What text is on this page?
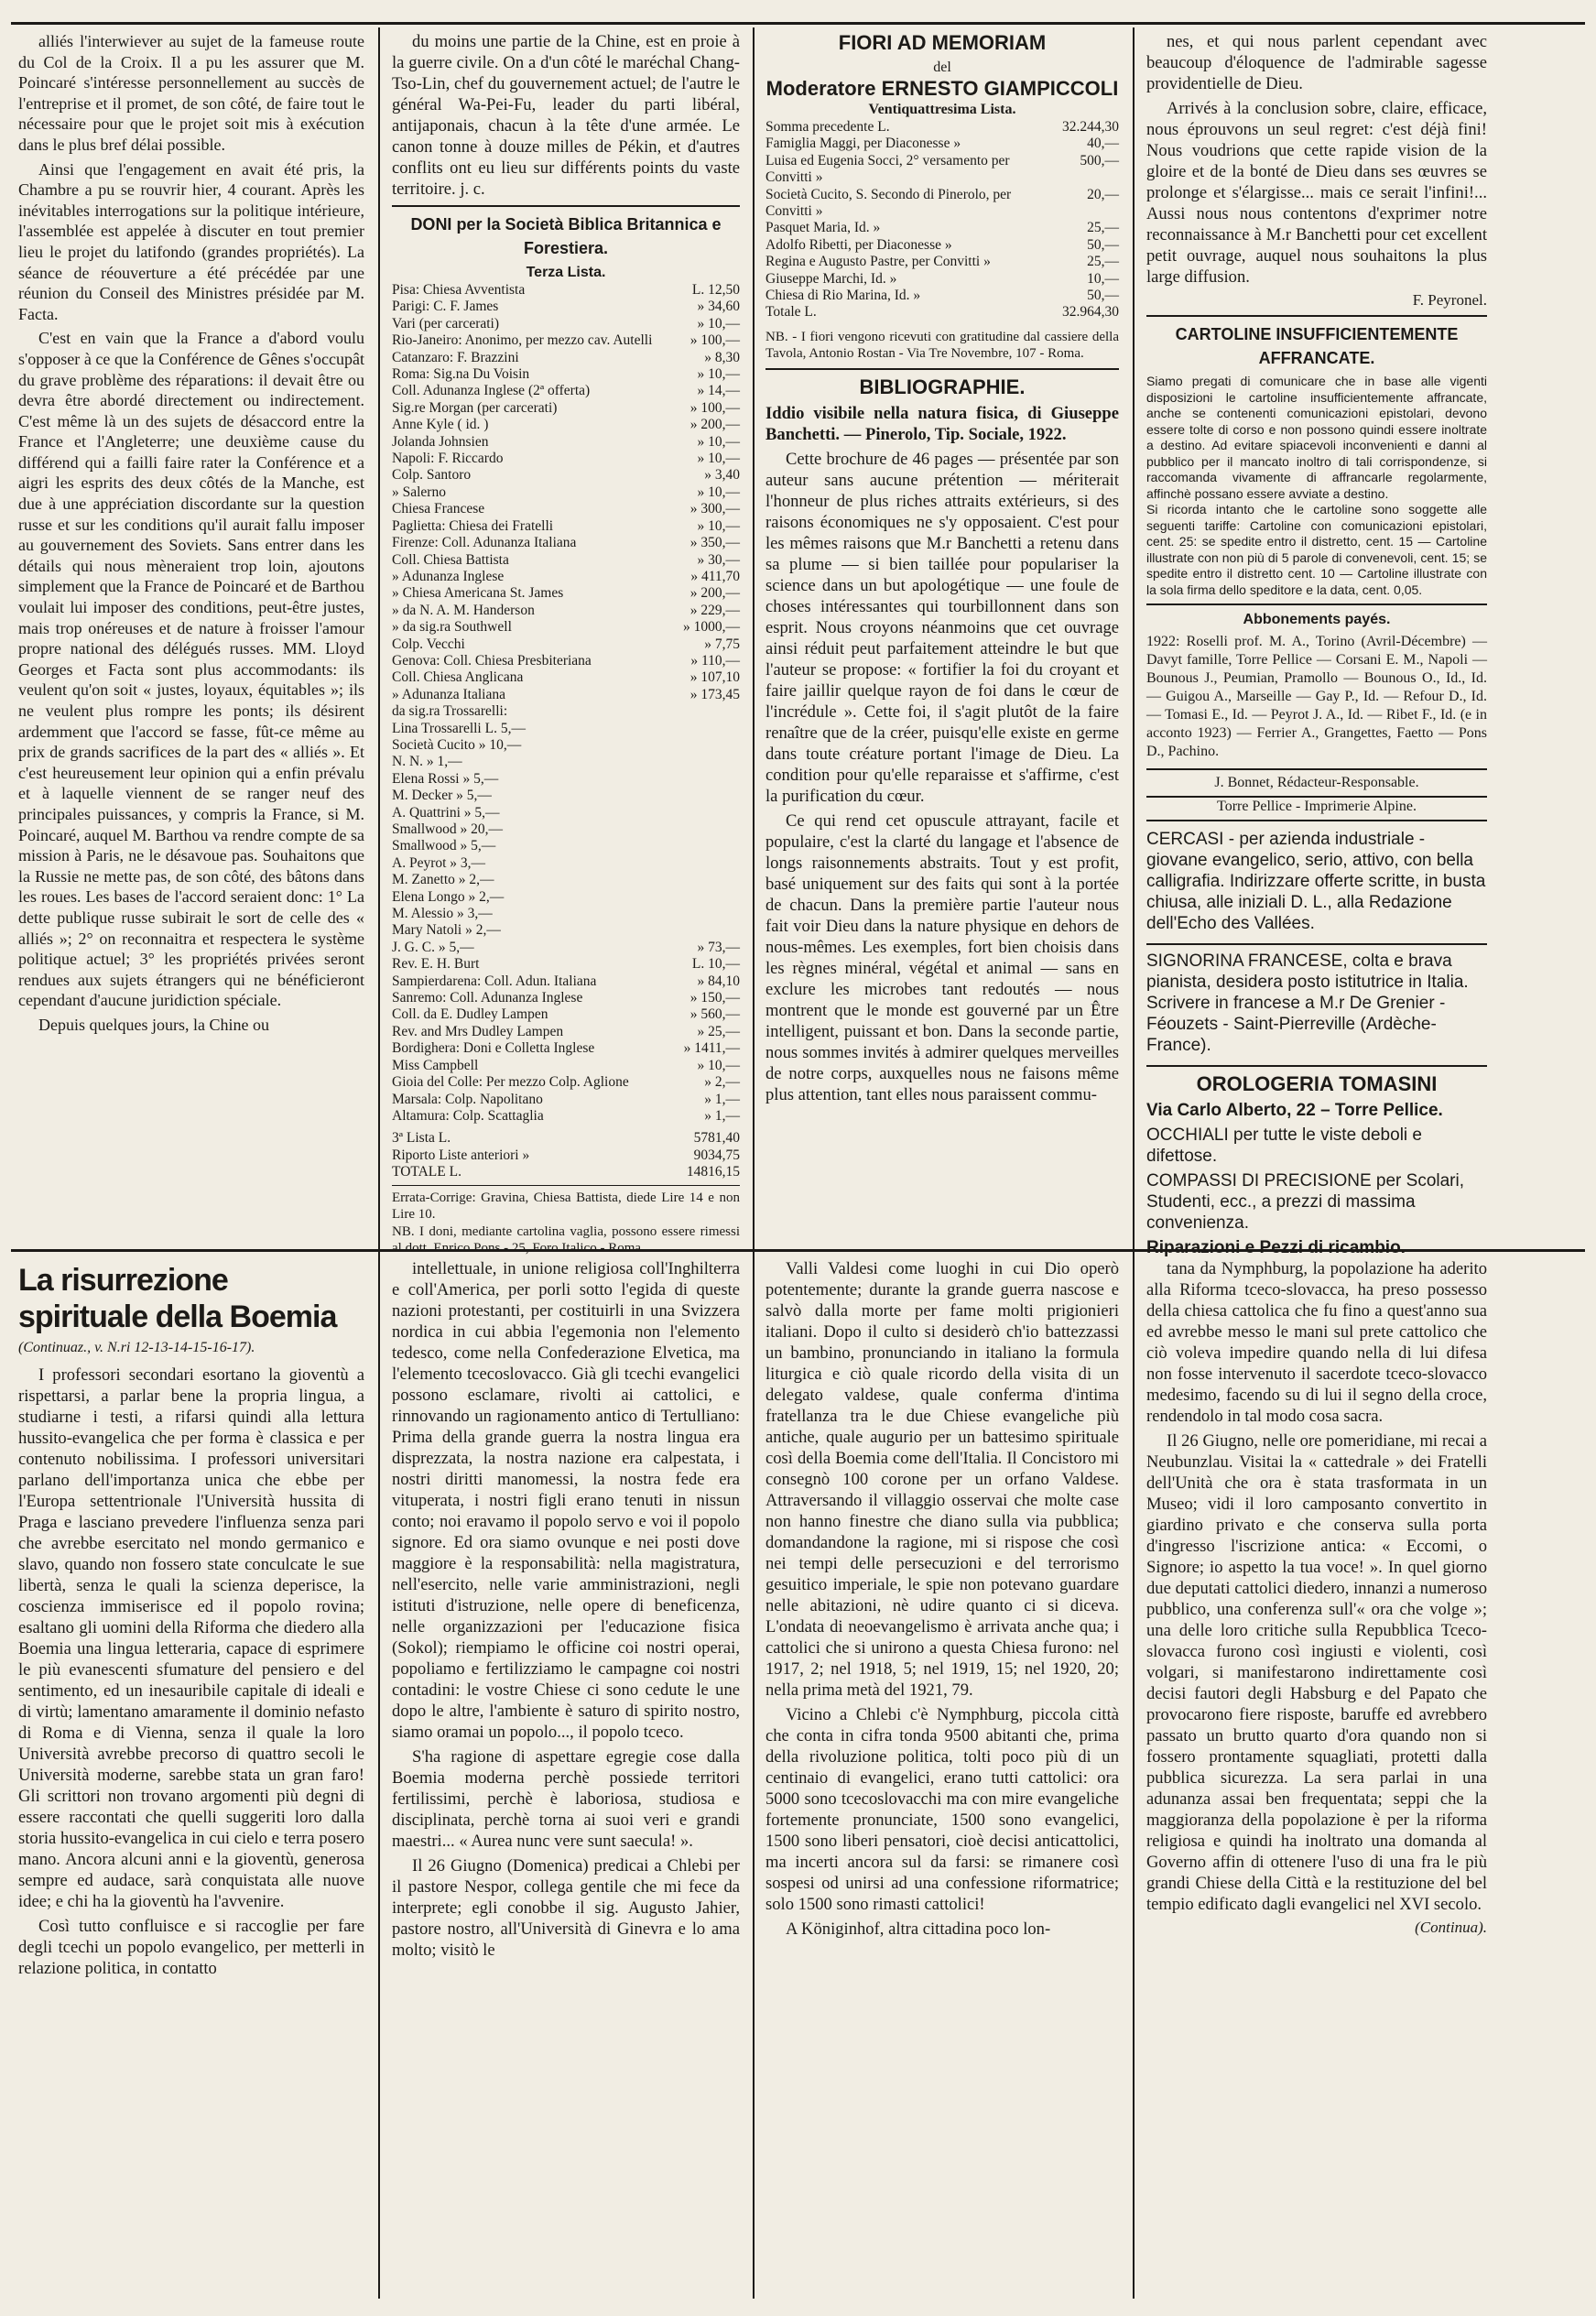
alliés l'interwiever au sujet de la fameuse route du Col de la Croix. Il a pu les assurer que M. Poincaré s'intéresse personnellement au succès de l'entreprise et il promet, de son côté, de faire tout le nécessaire pour que le projet soit mis à exécution dans le plus bref délai possible.

Ainsi que l'engagement en avait été pris, la Chambre a pu se rouvrir hier, 4 courant. Après les inévitables interrogations sur la politique intérieure, l'assemblée est appelée à discuter en tout premier lieu le projet du latifondo (grandes propriétés). La séance de réouverture a été précédée par une réunion du Conseil des Ministres présidée par M. Facta.

C'est en vain que la France a d'abord voulu s'opposer à ce que la Conférence de Gênes s'occupât du grave problème des réparations: il devait être ou devra être abordé directement ou indirectement. C'est même là un des sujets de désaccord entre la France et l'Angleterre; une deuxième cause du différend qui a failli faire rater la Conférence et a aigri les esprits des deux côtés de la Manche, est due à une appréciation discordante sur la question russe et sur les conditions qu'il aurait fallu imposer au gouvernement des Soviets. Sans entrer dans les détails qui nous mèneraient trop loin, ajoutons simplement que la France de Poincaré et de Barthou voulait lui imposer des conditions, peut-être justes, mais trop onéreuses et de nature à froisser l'amour propre national des délégués russes. MM. Lloyd Georges et Facta sont plus accommodants: ils veulent qu'on soit « justes, loyaux, équitables »; ils ne veulent plus rompre les ponts; ils désirent ardemment que l'accord se fasse, fût-ce même au prix de grands sacrifices de la part des « alliés ». Et c'est heureusement leur opinion qui a enfin prévalu et à laquelle viennent de se ranger neuf des principales puissances, y compris la France, si M. Poincaré, auquel M. Barthou va rendre compte de sa mission à Paris, ne le désavoue pas. Souhaitons que la Russie ne mette pas, de son côté, des bâtons dans les roues. Les bases de l'accord seraient donc: 1° La dette publique russe subirait le sort de celle des « alliés »; 2° on reconnaitra et respectera le système politique actuel; 3° les propriétés privées seront rendues aux sujets étrangers qui ne bénéficieront cependant d'aucune juridiction spéciale.

Depuis quelques jours, la Chine ou

du moins une partie de la Chine, est en proie à la guerre civile. On a d'un côté le maréchal Chang-Tso-Lin, chef du gouvernement actuel; de l'autre le général Wa-Pei-Fu, leader du parti libéral, antijaponais, chacun à la tête d'une armée. Le canon tonne à douze milles de Pékin, et d'autres conflits ont eu lieu sur différents points du vaste territoire. j. c.

DONI per la Società Biblica Britannica e Forestiera.
Terza Lista.
Pisa: Chiesa Avventista	L. 12,50
Parigi: C. F. James	» 34,60
Vari (per carcerati)	» 10,—
Rio-Janeiro: Anonimo, per mezzo cav. Autelli	» 100,—
Catanzaro: F. Brazzini	» 8,30
Roma: Sig.na Du Voisin	» 10,—
Coll. Adunanza Inglese (2ª offerta)	» 14,—
Sig.re Morgan (per carcerati)	» 100,—
Anne Kyle ( id. )	» 200,—
Jolanda Johnsien	» 10,—
Napoli: F. Riccardo	» 10,—
Colp. Santoro	» 3,40
» Salerno	» 10,—
Chiesa Francese	» 300,—
Paglietta: Chiesa dei Fratelli	» 10,—
Firenze: Coll. Adunanza Italiana	» 350,—
Coll. Chiesa Battista	» 30,—
» Adunanza Inglese	» 411,70
» Chiesa Americana St. James	» 200,—
» da N. A. M. Handerson	» 229,—
» da sig.ra Southwell	» 1000,—
Colp. Vecchi	» 7,75
Genova: Coll. Chiesa Presbiteriana	» 110,—
Coll. Chiesa Anglicana	» 107,10
» Adunanza Italiana	» 173,45
da sig.ra Trossarelli:	
Lina Trossarelli L. 5,—	
Società Cucito » 10,—	
N. N. » 1,—	
Elena Rossi » 5,—	
M. Decker » 5,—	
A. Quattrini » 5,—	
Smallwood » 20,—	
Smallwood » 5,—	
A. Peyrot » 3,—	
M. Zanetto » 2,—	
Elena Longo » 2,—	
M. Alessio » 3,—	
Mary Natoli » 2,—	
J. G. C. » 5,—	» 73,—
Rev. E. H. Burt	L. 10,—
Sampierdarena: Coll. Adun. Italiana	» 84,10
Sanremo: Coll. Adunanza Inglese	» 150,—
Coll. da E. Dudley Lampen	» 560,—
Rev. and Mrs Dudley Lampen	» 25,—
Bordighera: Doni e Colletta Inglese	» 1411,—
Miss Campbell	» 10,—
Gioia del Colle: Per mezzo Colp. Aglione	» 2,—
Marsala: Colp. Napolitano	» 1,—
Altamura: Colp. Scattaglia	» 1,—
3ª Lista L.	5781,40
Riporto Liste anteriori »	9034,75
TOTALE L.	14816,15
Errata-Corrige: Gravina, Chiesa Battista, diede Lire 14 e non Lire 10.
NB. I doni, mediante cartolina vaglia, possono essere rimessi al dott. Enrico Pons - 25, Foro Italico - Roma.
FIORI AD MEMORIAM
del
Moderatore ERNESTO GIAMPICCOLI
Ventiquattresima Lista.
Somma precedente L.	32.244,30
Famiglia Maggi, per Diaconesse »	40,—
Luisa ed Eugenia Socci, 2° versamento per Convitti »	500,—
Società Cucito, S. Secondo di Pinerolo, per Convitti »	20,—
Pasquet Maria, Id. »	25,—
Adolfo Ribetti, per Diaconesse »	50,—
Regina e Augusto Pastre, per Convitti »	25,—
Giuseppe Marchi, Id. »	10,—
Chiesa di Rio Marina, Id. »	50,—
Totale L.	32.964,30
NB. - I fiori vengono ricevuti con gratitudine dal cassiere della Tavola, Antonio Rostan - Via Tre Novembre, 107 - Roma.
BIBLIOGRAPHIE.

Iddio visibile nella natura fisica, di Giuseppe Banchetti. — Pinerolo, Tip. Sociale, 1922.

Cette brochure de 46 pages — présentée par son auteur sans aucune prétention — mériterait l'honneur de plus riches attraits extérieurs, si des raisons économiques ne s'y opposaient. C'est pour les mêmes raisons que M.r Banchetti a retenu dans sa plume — si bien taillée pour populariser la science dans un but apologétique — une foule de choses intéressantes qui tourbillonnent dans son esprit. Nous croyons néanmoins que cet ouvrage ainsi réduit peut parfaitement atteindre le but que l'auteur se propose: « fortifier la foi du croyant et faire jaillir quelque rayon de foi dans le cœur de l'incrédule ». Cette foi, il s'agit plutôt de la faire renaître que de la créer, puisqu'elle existe en germe dans toute créature portant l'image de Dieu. La condition pour qu'elle reparaisse et s'affirme, c'est la purification du cœur.

Ce qui rend cet opuscule attrayant, facile et populaire, c'est la clarté du langage et l'absence de longs raisonnements abstraits. Tout y est profit, basé uniquement sur des faits qui sont à la portée de chacun. Dans la première partie l'auteur nous fait voir Dieu dans la nature physique en dehors de nous-mêmes. Les exemples, fort bien choisis dans les règnes minéral, végétal et animal — sans en exclure les microbes tant redoutés — nous montrent que le monde est gouverné par un Être intelligent, puissant et bon. Dans la seconde partie, nous sommes invités à admirer quelques merveilles de notre corps, auxquelles nous ne faisons même plus attention, tant elles nous paraissent commu-

nes, et qui nous parlent cependant avec beaucoup d'éloquence de l'admirable sagesse providentielle de Dieu.

Arrivés à la conclusion sobre, claire, efficace, nous éprouvons un seul regret: c'est déjà fini! Nous voudrions que cette rapide vision de la gloire et de la bonté de Dieu dans ses œuvres se prolonge et s'élargisse... mais ce serait l'infini!... Aussi nous nous contentons d'exprimer notre reconnaissance à M.r Banchetti pour cet excellent petit ouvrage, auquel nous souhaitons la plus large diffusion.

F. Peyronel.
CARTOLINE INSUFFICIENTEMENTE AFFRANCATE.
Siamo pregati di comunicare che in base alle vigenti disposizioni le cartoline insufficientemente affrancate, anche se contenenti comunicazioni epistolari, devono essere tolte di corso e non possono quindi essere inoltrate a destino. Ad evitare spiacevoli inconvenienti e danni al pubblico per il mancato inoltro di tali corrispondenze, si raccomanda vivamente di affrancarle regolarmente, affinchè possano essere avviate a destino.
Si ricorda intanto che le cartoline sono soggette alle seguenti tariffe: Cartoline con comunicazioni epistolari, cent. 25: se spedite entro il distretto, cent. 15 — Cartoline illustrate con non più di 5 parole di convenevoli, cent. 15; se spedite entro il distretto cent. 10 — Cartoline illustrate con la sola firma dello speditore e la data, cent. 0,05.
Abbonements payés.
1922: Roselli prof. M. A., Torino (Avril-Décembre) — Davyt famille, Torre Pellice — Corsani E. M., Napoli — Bounous J., Peumian, Pramollo — Bounous O., Id., Id. — Guigou A., Marseille — Gay P., Id. — Refour D., Id. — Tomasi E., Id. — Peyrot J. A., Id. — Ribet F., Id. (e in acconto 1923) — Ferrier A., Grangettes, Faetto — Pons D., Pachino.
J. Bonnet, Rédacteur-Responsable.
Torre Pellice - Imprimerie Alpine.

CERCASI - per azienda industriale - giovane evangelico, serio, attivo, con bella calligrafia. Indirizzare offerte scritte, in busta chiusa, alle iniziali D. L., alla Redazione dell'Echo des Vallées.

SIGNORINA FRANCESE, colta e brava pianista, desidera posto istitutrice in Italia. Scrivere in francese a M.r De Grenier - Féouzets - Saint-Pierreville (Ardèche-France).

OROLOGERIA TOMASINI

Via Carlo Alberto, 22 – Torre Pellice.

OCCHIALI per tutte le viste deboli e difettose.

COMPASSI DI PRECISIONE per Scolari, Studenti, ecc., a prezzi di massima convenienza.

Riparazioni e Pezzi di ricambio.

La risurrezione spirituale della Boemia
(Continuaz., v. N.ri 12-13-14-15-16-17).

I professori secondari esortano la gioventù a rispettarsi, a parlar bene la propria lingua, a studiarne i testi, a rifarsi quindi alla lettura hussito-evangelica che per forma è classica e per contenuto nobilissima. I professori universitari parlano dell'importanza unica che ebbe per l'Europa settentrionale l'Università hussita di Praga e lasciano prevedere l'influenza senza pari che avrebbe esercitato nel mondo germanico e slavo, quando non fossero state conculcate le sue libertà, senza le quali la scienza deperisce, la coscienza immiserisce ed il popolo rovina; esaltano gli uomini della Riforma che diedero alla Boemia una lingua letteraria, capace di esprimere le più evanescenti sfumature del pensiero e del sentimento, ed un inesauribile capitale di ideali e di virtù; lamentano amaramente il dominio nefasto di Roma e di Vienna, senza il quale la loro Università avrebbe precorso di quattro secoli le Università moderne, sarebbe stata un gran faro! Gli scrittori non trovano argomenti più degni di essere raccontati che quelli suggeriti loro dalla storia hussito-evangelica in cui cielo e terra posero mano. Ancora alcuni anni e la gioventù, generosa sempre ed audace, sarà conquistata alle nuove idee; e chi ha la gioventù ha l'avvenire.

Così tutto confluisce e si raccoglie per fare degli tcechi un popolo evangelico, per metterli in relazione politica, in contatto

intellettuale, in unione religiosa coll'Inghilterra e coll'America, per porli sotto l'egida di queste nazioni protestanti, per costituirli in una Svizzera nordica in cui abbia l'egemonia non l'elemento tedesco, come nella Confederazione Elvetica, ma l'elemento tcecoslovacco. Già gli tcechi evangelici possono esclamare, rivolti ai cattolici, e rinnovando un ragionamento antico di Tertulliano: Prima della grande guerra la nostra lingua era disprezzata, la nostra nazione era calpestata, i nostri diritti manomessi, la nostra fede era vituperata, i nostri figli erano tenuti in nissun conto; noi eravamo il popolo servo e voi il popolo signore. Ed ora siamo ovunque e nei posti dove maggiore è la responsabilità: nella magistratura, nell'esercito, nelle varie amministrazioni, negli istituti d'istruzione, nelle opere di beneficenza, nelle organizzazioni per l'educazione fisica (Sokol); riempiamo le officine coi nostri operai, popoliamo e fertilizziamo le campagne coi nostri contadini: le vostre Chiese ci sono cedute le une dopo le altre, l'ambiente è saturo di spirito nostro, siamo oramai un popolo..., il popolo tceco.

S'ha ragione di aspettare egregie cose dalla Boemia moderna perchè possiede territori fertilissimi, perchè è laboriosa, studiosa e disciplinata, perchè torna ai suoi veri e grandi maestri... « Aurea nunc vere sunt saecula! ».

Il 26 Giugno (Domenica) predicai a Chlebi per il pastore Nespor, collega gentile che mi fece da interprete; egli conobbe il sig. Augusto Jahier, pastore nostro, all'Università di Ginevra e lo ama molto; visitò le

Valli Valdesi come luoghi in cui Dio operò potentemente; durante la grande guerra nascose e salvò dalla morte per fame molti prigionieri italiani. Dopo il culto si desiderò ch'io battezzassi un bambino, pronunciando in italiano la formula liturgica e ciò quale ricordo della visita di un delegato valdese, quale conferma d'intima fratellanza tra le due Chiese evangeliche più antiche, quale augurio per un battesimo spirituale così della Boemia come dell'Italia. Il Concistoro mi consegnò 100 corone per un orfano Valdese. Attraversando il villaggio osservai che molte case non hanno finestre che diano sulla via pubblica; domandandone la ragione, mi si rispose che così nei tempi delle persecuzioni e del terrorismo gesuitico imperiale, le spie non potevano guardare nelle abitazioni, nè udire quanto ci si diceva. L'ondata di neoevangelismo è arrivata anche qua; i cattolici che si unirono a questa Chiesa furono: nel 1917, 2; nel 1918, 5; nel 1919, 15; nel 1920, 20; nella prima metà del 1921, 79.

Vicino a Chlebi c'è Nymphburg, piccola città che conta in cifra tonda 9500 abitanti che, prima della rivoluzione politica, tolti poco più di un centinaio di evangelici, erano tutti cattolici: ora 5000 sono tcecoslovacchi ma con mire evangeliche fortemente pronunciate, 1500 sono evangelici, 1500 sono liberi pensatori, cioè decisi anticattolici, ma incerti ancora sul da farsi: se rimanere così sospesi od unirsi ad una confessione riformatrice; solo 1500 sono rimasti cattolici!

A Königinhof, altra cittadina poco lon-

tana da Nymphburg, la popolazione ha aderito alla Riforma tceco-slovacca, ha preso possesso della chiesa cattolica che fu fino a quest'anno sua ed avrebbe messo le mani sul prete cattolico che ciò voleva impedire quando nella di lui difesa non fosse intervenuto il sacerdote tceco-slovacco medesimo, facendo su di lui il segno della croce, rendendolo in tal modo cosa sacra.

Il 26 Giugno, nelle ore pomeridiane, mi recai a Neubunzlau. Visitai la « cattedrale » dei Fratelli dell'Unità che ora è stata trasformata in un Museo; vidi il loro camposanto convertito in giardino privato e che conserva sulla porta d'ingresso l'iscrizione antica: « Eccomi, o Signore; io aspetto la tua voce! ». In quel giorno due deputati cattolici diedero, innanzi a numeroso pubblico, una conferenza sull'« ora che volge »; una delle loro critiche sulla Repubblica Tceco-slovacca furono così ingiusti e violenti, così volgari, si manifestarono indirettamente così decisi fautori degli Habsburg e del Papato che provocarono fiere risposte, baruffe ed avrebbero passato un brutto quarto d'ora quando non si fossero prontamente squagliati, protetti dalla pubblica sicurezza. La sera parlai in una adunanza assai ben frequentata; seppi che la maggioranza della popolazione è per la riforma religiosa e quindi ha inoltrato una domanda al Governo affin di ottenere l'uso di una fra le più grandi Chiese della Città e la restituzione del bel tempio edificato dagli evangelici nel XVI secolo.

(Continua).
